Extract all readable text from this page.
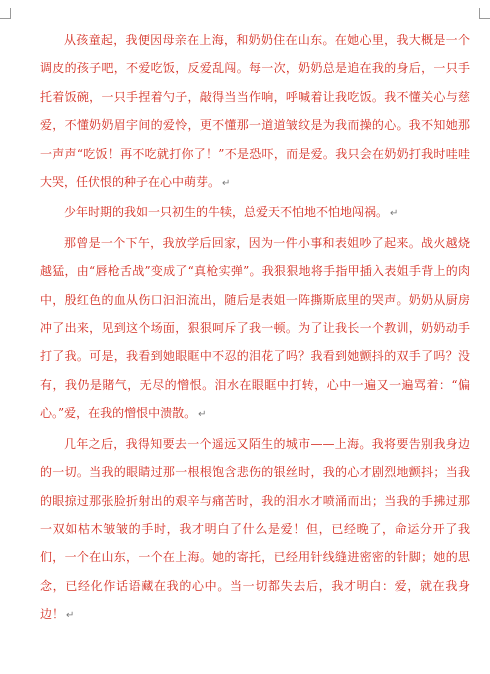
从孩童起，我便因母亲在上海，和奶奶住在山东。在她心里，我大概是一个调皮的孩子吧，不爱吃饭，反爱乱闯。每一次，奶奶总是追在我的身后，一只手托着饭碗，一只手捏着勺子，敲得当当作响，呼喊着让我吃饭。我不懂关心与慈爱，不懂奶奶眉宇间的爱怜，更不懂那一道道皱纹是为我而操的心。我不知她那一声声“吃饭！再不吃就打你了！”不是恐吓，而是爱。我只会在奶奶打我时哇哇大哭，任伏恨的种子在心中萌芽。 ↵

少年时期的我如一只初生的牛犊，总爱天不怕地不怕地闯祸。 ↵

那曾是一个下午，我放学后回家，因为一件小事和表姐吵了起来。战火越烧越猛，由“唇枪舌战”变成了“真枪实弹”。我狠狠地将手指甲插入表姐手背上的肉中，殷红色的血从伤口汩汩流出，随后是表姐一阵撕斯底里的哭声。奶奶从厨房冲了出来，见到这个场面，狠狠呵斥了我一顿。为了让我长一个教训，奶奶动手打了我。可是，我看到她眼眶中不忍的泪花了吗？我看到她颤抖的双手了吗？没有，我仍是賭气，无尽的憎恨。泪水在眼眶中打转，心中一遍又一遍骂着：“偏心。”爱，在我的憎恨中溃散。 ↵

几年之后，我得知要去一个遥远又陌生的城市——上海。我将要告别我身边的一切。当我的眼睛过那一根根饱含悲伤的银丝时，我的心才剧烈地颤抖；当我的眼掠过那张脸折射出的艰辛与痛苦时，我的泪水才喷涌而出；当我的手拂过那一双如枯木皱皱的手时，我才明白了什么是爱！但，已经晚了，命运分开了我们，一个在山东，一个在上海。她的寄托，已经用针线缝进密密的针脚；她的思念，已经化作话语藏在我的心中。当一切都失去后，我才明白：爱，就在我身边！ ↵
